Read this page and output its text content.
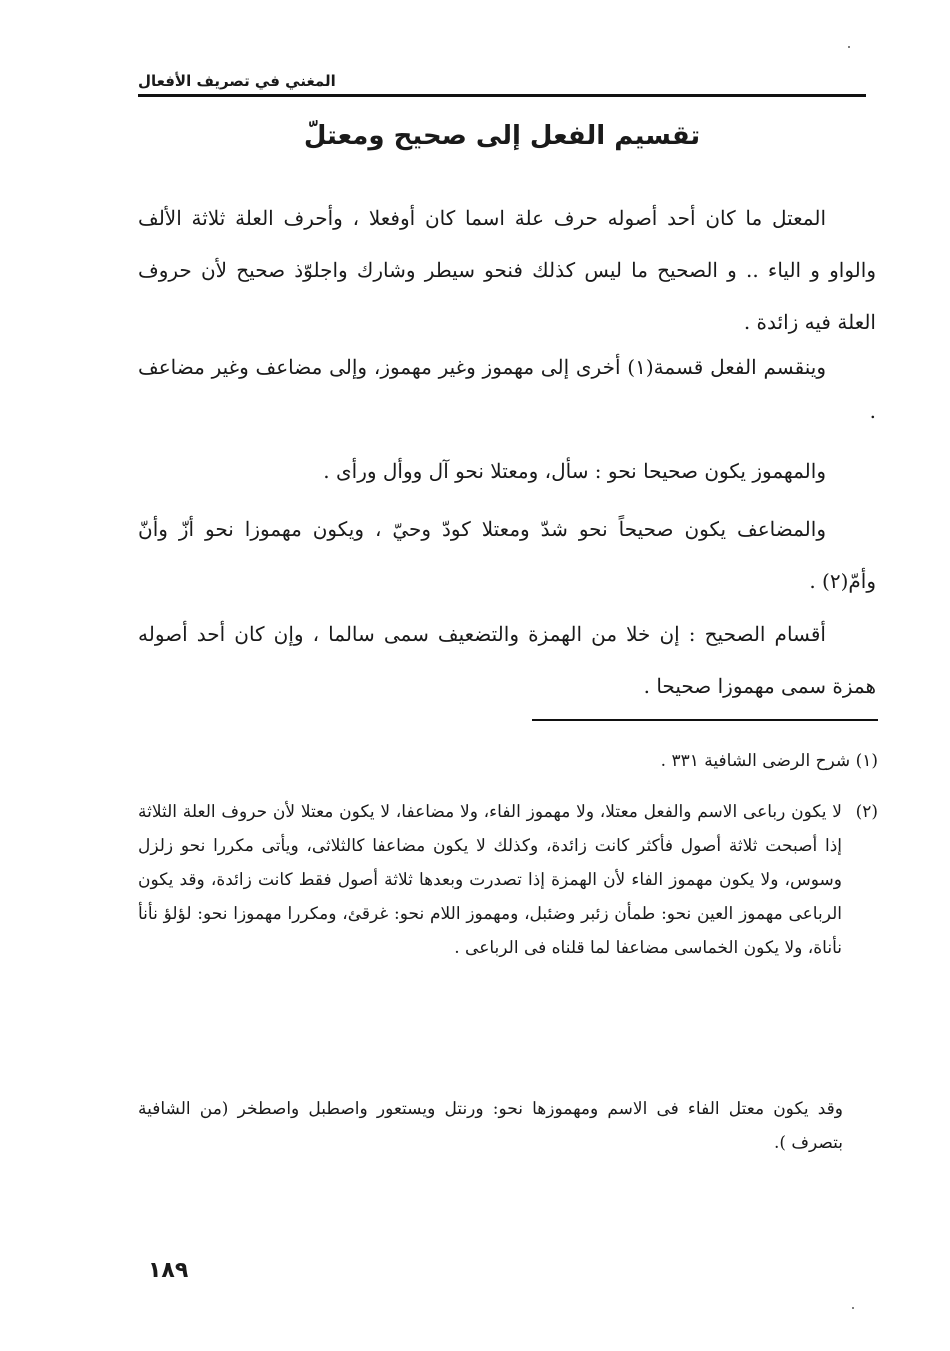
المغني في تصريف الأفعال
تقسيم الفعل إلى صحيح ومعتلّ

المعتل ما كان أحد أصوله حرف علة اسما كان أوفعلا ، وأحرف العلة ثلاثة الألف والواو و الياء .. و الصحيح ما ليس كذلك فنحو سيطر وشارك واجلوّذ صحيح لأن حروف العلة فيه زائدة .

وينقسم الفعل قسمة(١) أخرى إلى مهموز وغير مهموز، وإلى مضاعف وغير مضاعف .

والمهموز يكون صحيحا نحو : سأل، ومعتلا نحو آل ووأل ورأى .

والمضاعف يكون صحيحاً نحو شدّ ومعتلا كودّ وحيّ ، ويكون مهموزا نحو أزّ وأنّ وأمّ(٢) .

أقسام الصحيح : إن خلا من الهمزة والتضعيف سمى سالما ، وإن كان أحد أصوله همزة سمى مهموزا صحيحا .

(١) شرح الرضى الشافية ٣٣١ .
(٢)
لا يكون رباعى الاسم والفعل معتلا، ولا مهموز الفاء، ولا مضاعفا، لا يكون معتلا لأن حروف العلة الثلاثة إذا أصبحت ثلاثة أصول فأكثر كانت زائدة، وكذلك لا يكون مضاعفا كالثلاثى، ويأتى مكررا نحو زلزل وسوس، ولا يكون مهموز الفاء لأن الهمزة إذا تصدرت وبعدها ثلاثة أصول فقط كانت زائدة، وقد يكون الرباعى مهموز العين نحو: طمأن زئبر وضئبل، ومهموز اللام نحو: غرقئ، ومكررا مهموزا نحو: لؤلؤ نأنأ نأناة، ولا يكون الخماسى مضاعفا لما قلناه فى الرباعى .
وقد يكون معتل الفاء فى الاسم ومهموزها نحو: ورنتل ويستعور واصطبل واصطخر (من الشافية بتصرف ).
١٨٩
